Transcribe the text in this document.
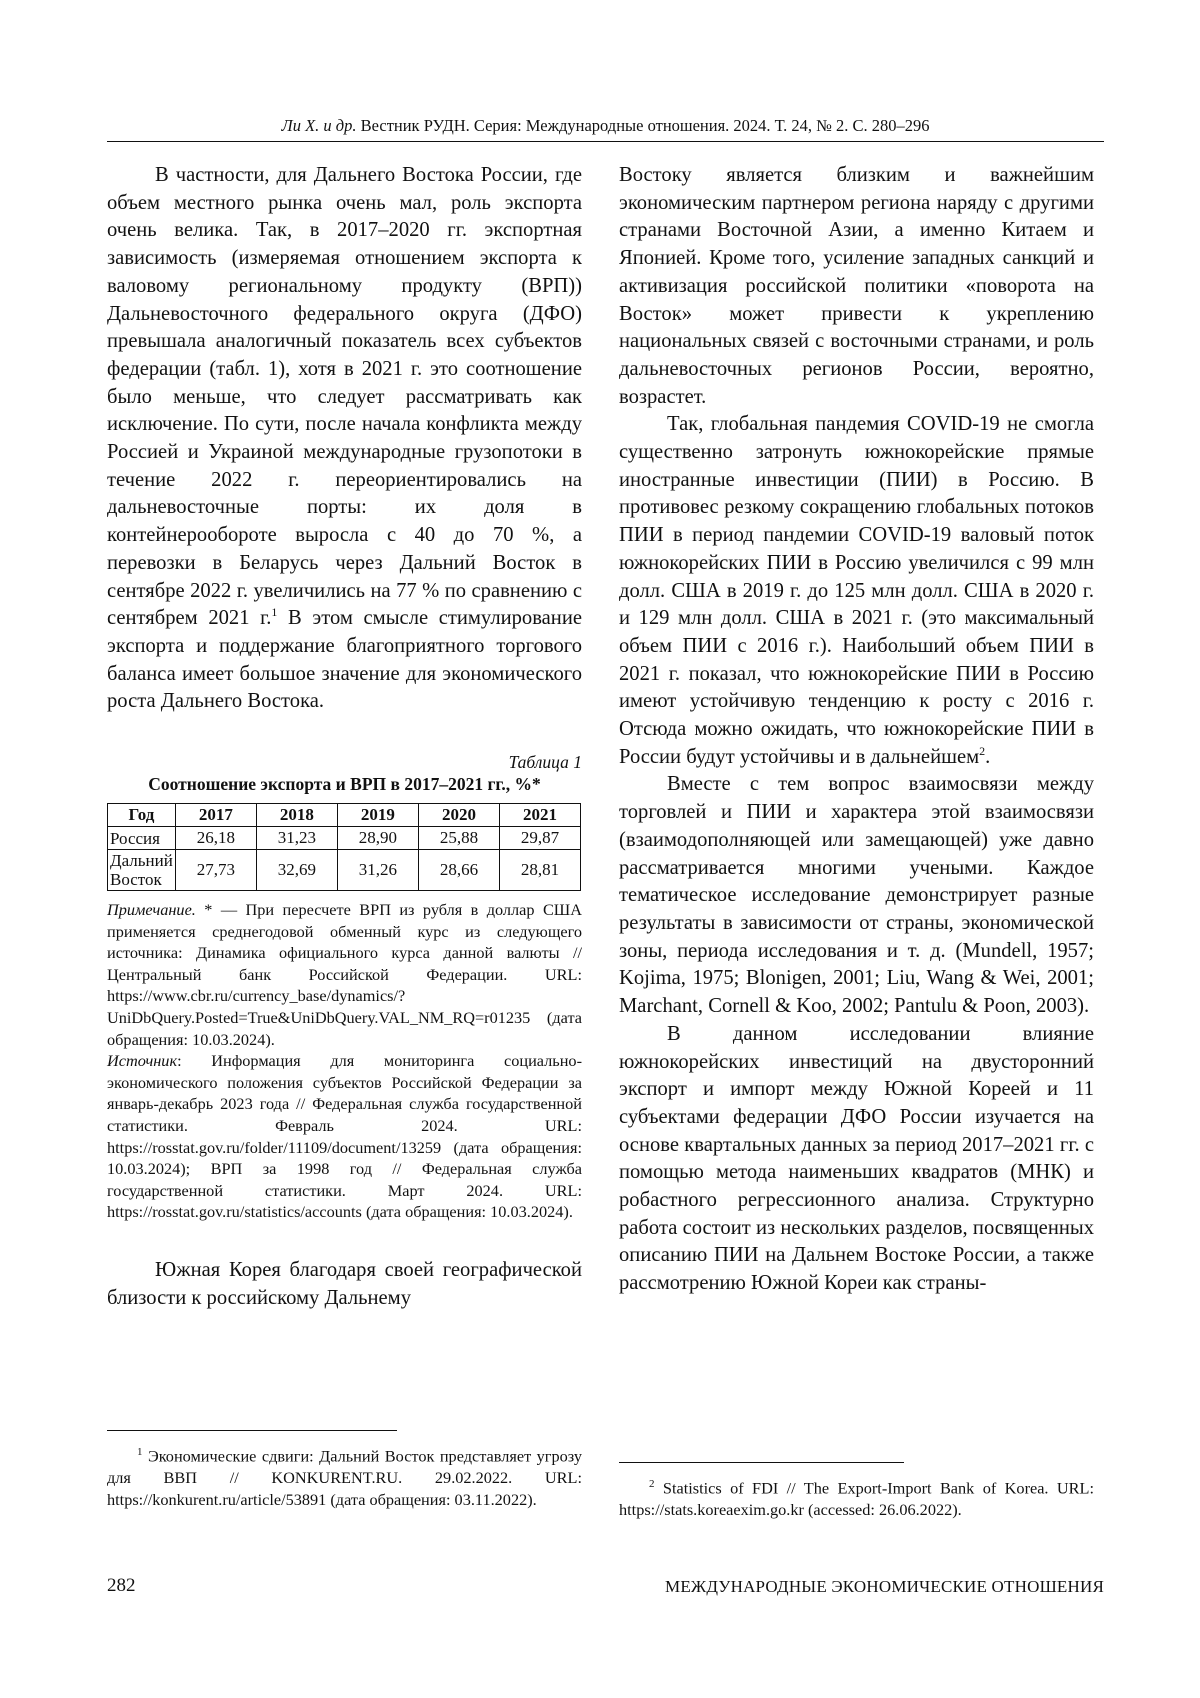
Ли Х. и др. Вестник РУДН. Серия: Международные отношения. 2024. Т. 24, № 2. С. 280–296

В частности, для Дальнего Востока России, где объем местного рынка очень мал, роль экспорта очень велика. Так, в 2017–2020 гг. экспортная зависимость (измеряемая отношением экспорта к валовому региональному продукту (ВРП)) Дальневосточного федерального округа (ДФО) превышала аналогичный показатель всех субъектов федерации (табл. 1), хотя в 2021 г. это соотношение было меньше, что следует рассматривать как исключение. По сути, после начала конфликта между Россией и Украиной международные грузопотоки в течение 2022 г. переориентировались на дальневосточные порты: их доля в контейнерообороте выросла с 40 до 70 %, а перевозки в Беларусь через Дальний Восток в сентябре 2022 г. увеличились на 77 % по сравнению с сентябрем 2021 г.$^1$ В этом смысле стимулирование экспорта и поддержание благоприятного торгового баланса имеет большое значение для экономического роста Дальнего Востока.

Таблица 1
Соотношение экспорта и ВРП в 2017–2021 гг., %*
Год	2017	2018	2019	2020	2021
Россия	26,18	31,23	28,90	25,88	29,87
Дальний Восток	27,73	32,69	31,26	28,66	28,81

Примечание. * — При пересчете ВРП из рубля в доллар США применяется среднегодовой обменный курс из следующего источника: Динамика официального курса данной валюты // Центральный банк Российской Федерации. URL: https://www.cbr.ru/currency_base/dynamics/?UniDbQuery.Posted=True&UniDbQuery.VAL_NM_RQ=r01235 (дата обращения: 10.03.2024).
Источник: Информация для мониторинга социально-экономического положения субъектов Российской Федерации за январь-декабрь 2023 года // Федеральная служба государственной статистики. Февраль 2024. URL: https://rosstat.gov.ru/folder/11109/document/13259 (дата обращения: 10.03.2024); ВРП за 1998 год // Федеральная служба государственной статистики. Март 2024. URL: https://rosstat.gov.ru/statistics/accounts (дата обращения: 10.03.2024).

Южная Корея благодаря своей географической близости к российскому Дальнему

Востоку является близким и важнейшим экономическим партнером региона наряду с другими странами Восточной Азии, а именно Китаем и Японией. Кроме того, усиление западных санкций и активизация российской политики «поворота на Восток» может привести к укреплению национальных связей с восточными странами, и роль дальневосточных регионов России, вероятно, возрастет.

Так, глобальная пандемия COVID-19 не смогла существенно затронуть южнокорейские прямые иностранные инвестиции (ПИИ) в Россию. В противовес резкому сокращению глобальных потоков ПИИ в период пандемии COVID-19 валовый поток южнокорейских ПИИ в Россию увеличился с 99 млн долл. США в 2019 г. до 125 млн долл. США в 2020 г. и 129 млн долл. США в 2021 г. (это максимальный объем ПИИ с 2016 г.). Наибольший объем ПИИ в 2021 г. показал, что южнокорейские ПИИ в Россию имеют устойчивую тенденцию к росту с 2016 г. Отсюда можно ожидать, что южнокорейские ПИИ в России будут устойчивы и в дальнейшем$^2$.

Вместе с тем вопрос взаимосвязи между торговлей и ПИИ и характера этой взаимосвязи (взаимодополняющей или замещающей) уже давно рассматривается многими учеными. Каждое тематическое исследование демонстрирует разные результаты в зависимости от страны, экономической зоны, периода исследования и т. д. (Mundell, 1957; Kojima, 1975; Blonigen, 2001; Liu, Wang & Wei, 2001; Marchant, Cornell & Koo, 2002; Pantulu & Poon, 2003).

В данном исследовании влияние южнокорейских инвестиций на двусторонний экспорт и импорт между Южной Кореей и 11 субъектами федерации ДФО России изучается на основе квартальных данных за период 2017–2021 гг. с помощью метода наименьших квадратов (МНК) и робастного регрессионного анализа. Структурно работа состоит из нескольких разделов, посвященных описанию ПИИ на Дальнем Востоке России, а также рассмотрению Южной Кореи как страны-

$^1$ Экономические сдвиги: Дальний Восток представляет угрозу для ВВП // KONKURENT.RU. 29.02.2022. URL: https://konkurent.ru/article/53891 (дата обращения: 03.11.2022).
$^2$ Statistics of FDI // The Export-Import Bank of Korea. URL: https://stats.koreaexim.go.kr (accessed: 26.06.2022).
282	МЕЖДУНАРОДНЫЕ ЭКОНОМИЧЕСКИЕ ОТНОШЕНИЯ
